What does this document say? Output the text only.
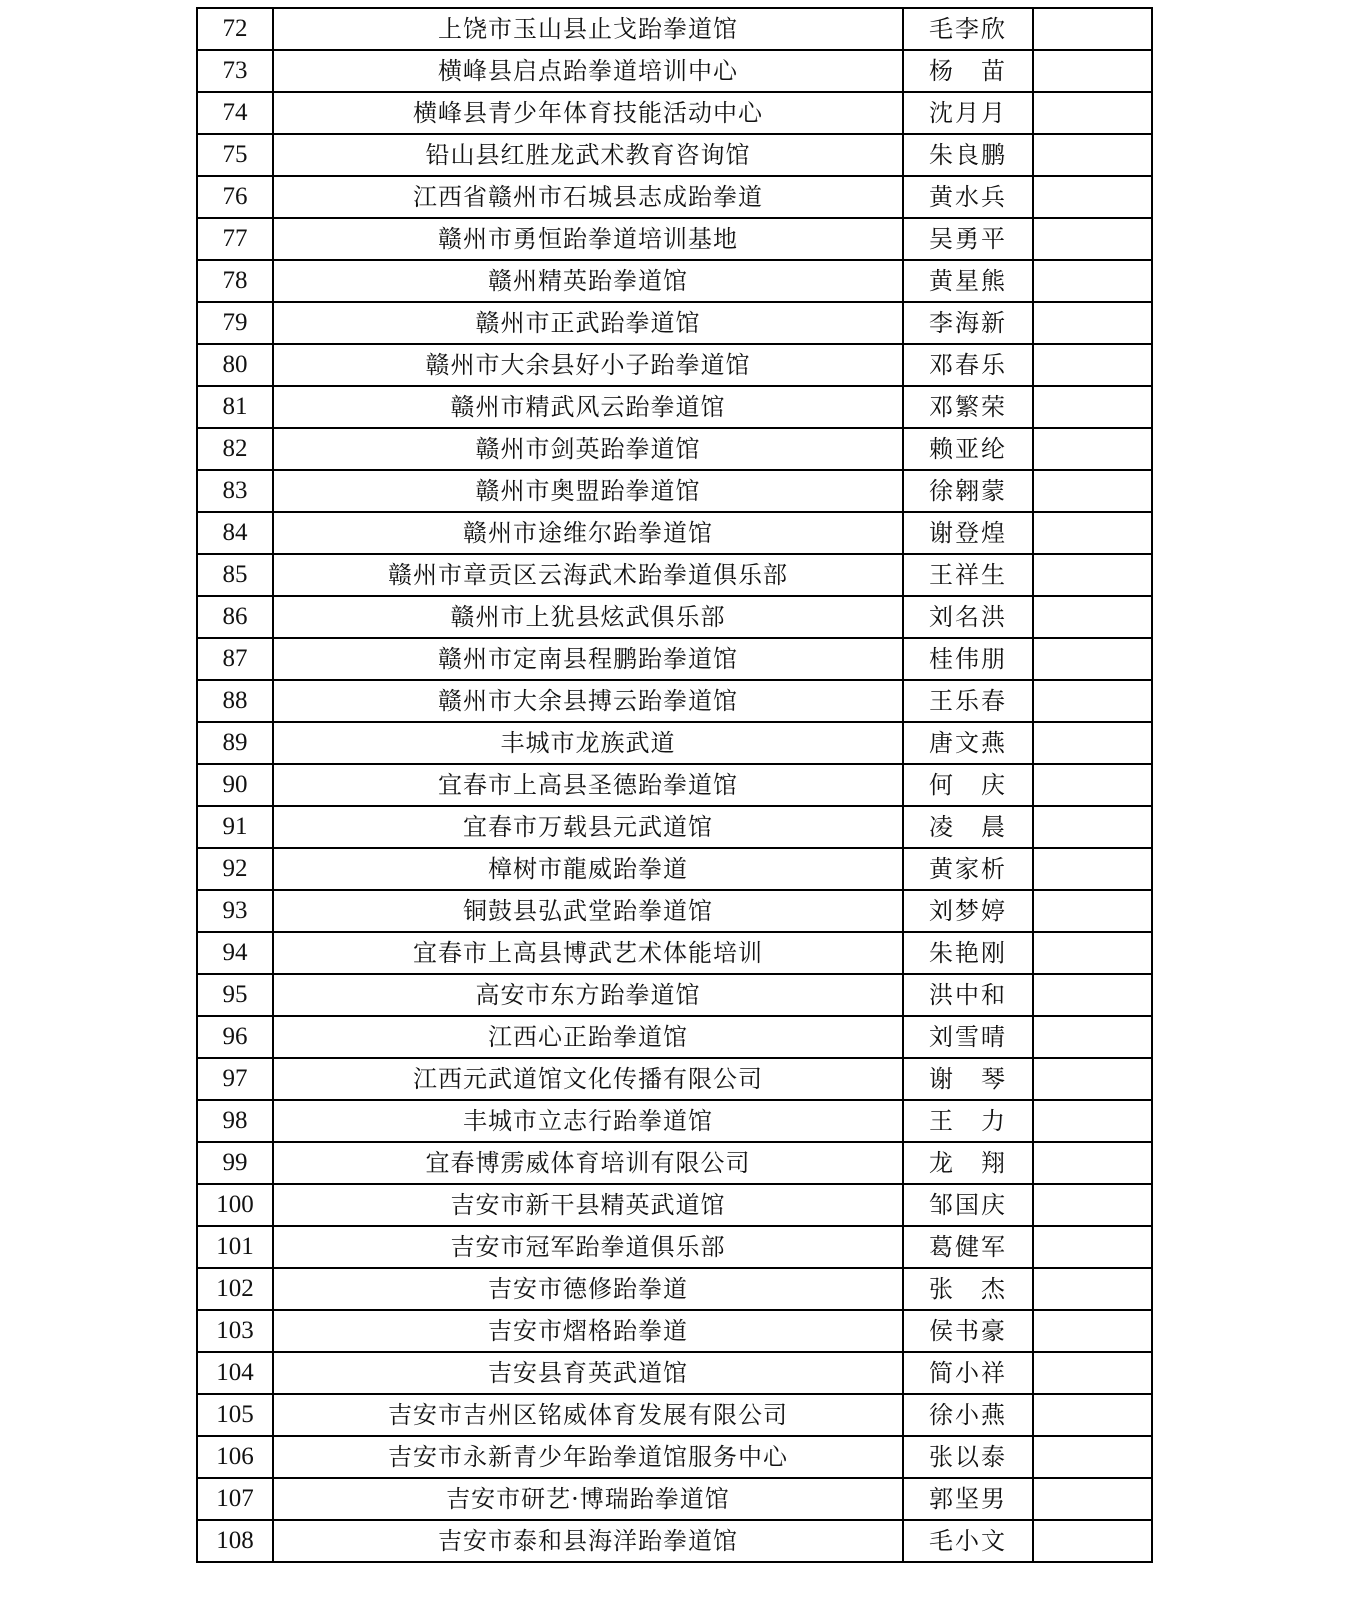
72	上饶市玉山县止戈跆拳道馆	毛李欣	
73	横峰县启点跆拳道培训中心	杨　苗	
74	横峰县青少年体育技能活动中心	沈月月	
75	铅山县红胜龙武术教育咨询馆	朱良鹏	
76	江西省赣州市石城县志成跆拳道	黄水兵	
77	赣州市勇恒跆拳道培训基地	吴勇平	
78	赣州精英跆拳道馆	黄星熊	
79	赣州市正武跆拳道馆	李海新	
80	赣州市大余县好小子跆拳道馆	邓春乐	
81	赣州市精武风云跆拳道馆	邓繁荣	
82	赣州市剑英跆拳道馆	赖亚纶	
83	赣州市奥盟跆拳道馆	徐翱蒙	
84	赣州市途维尔跆拳道馆	谢登煌	
85	赣州市章贡区云海武术跆拳道俱乐部	王祥生	
86	赣州市上犹县炫武俱乐部	刘名洪	
87	赣州市定南县程鹏跆拳道馆	桂伟朋	
88	赣州市大余县搏云跆拳道馆	王乐春	
89	丰城市龙族武道	唐文燕	
90	宜春市上高县圣德跆拳道馆	何　庆	
91	宜春市万载县元武道馆	凌　晨	
92	樟树市龍威跆拳道	黄家析	
93	铜鼓县弘武堂跆拳道馆	刘梦婷	
94	宜春市上高县博武艺术体能培训	朱艳刚	
95	高安市东方跆拳道馆	洪中和	
96	江西心正跆拳道馆	刘雪晴	
97	江西元武道馆文化传播有限公司	谢　琴	
98	丰城市立志行跆拳道馆	王　力	
99	宜春博雳威体育培训有限公司	龙　翔	
100	吉安市新干县精英武道馆	邹国庆	
101	吉安市冠军跆拳道俱乐部	葛健军	
102	吉安市德修跆拳道	张　杰	
103	吉安市熠格跆拳道	侯书豪	
104	吉安县育英武道馆	简小祥	
105	吉安市吉州区铭威体育发展有限公司	徐小燕	
106	吉安市永新青少年跆拳道馆服务中心	张以泰	
107	吉安市研艺·博瑞跆拳道馆	郭坚男	
108	吉安市泰和县海洋跆拳道馆	毛小文	
